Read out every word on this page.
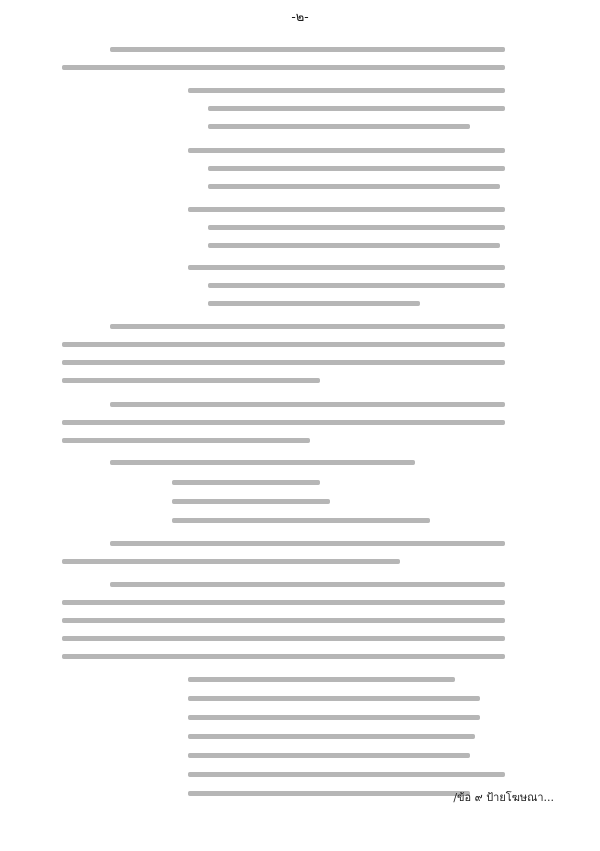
-๒-
/ข้อ ๙ ป้ายโฆษณา...
